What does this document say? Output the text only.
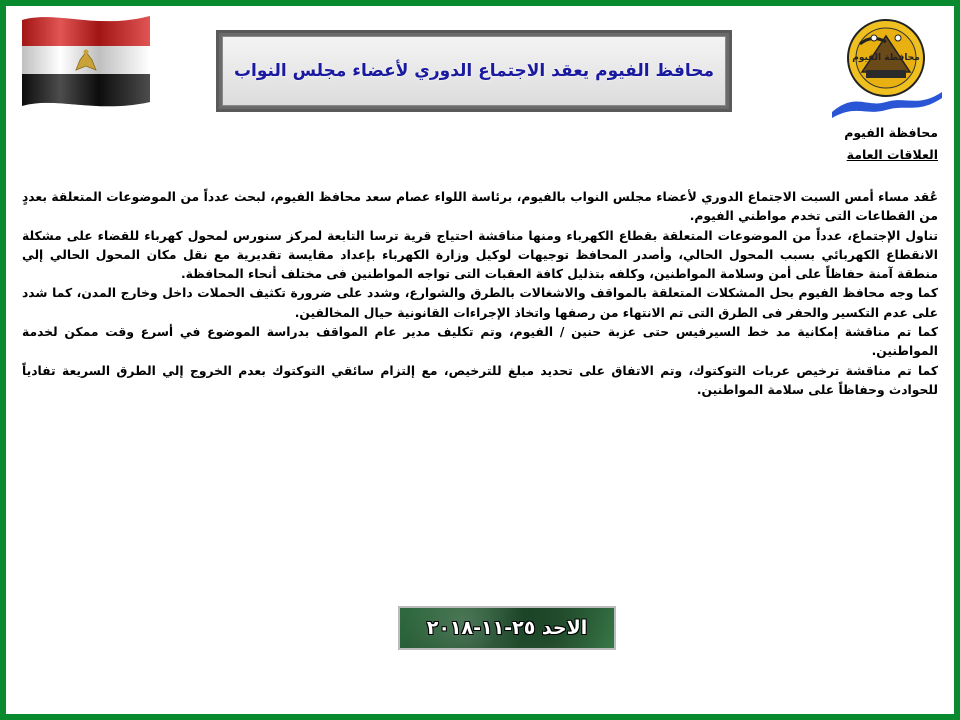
محافظة الفيوم
محافظ الفيوم يعقد الاجتماع الدوري لأعضاء مجلس النواب
محافظة الفيوم
العلاقات العامة

عُقد مساء أمس السبت الاجتماع الدوري لأعضاء مجلس النواب بالفيوم، برئاسة اللواء عصام سعد محافظ الفيوم، لبحث عدداً من الموضوعات المتعلقة بعددٍ من القطاعات التى تخدم مواطني الفيوم.

تناول الإجتماع، عدداً من الموضوعات المتعلقة بقطاع الكهرباء ومنها مناقشة احتياج قرية ترسا التابعة لمركز سنورس لمحول كهرباء للقضاء على مشكلة الانقطاع الكهربائي بسبب المحول الحالي، وأصدر المحافظ توجيهات لوكيل وزارة الكهرباء بإعداد مقايسة تقديرية مع نقل مكان المحول الحالي إلي منطقة آمنة حفاظاً على أمن وسلامة المواطنين، وكلفه بتذليل كافة العقبات التى تواجه المواطنين فى مختلف أنحاء المحافظة.

كما وجه محافظ الفيوم بحل المشكلات المتعلقة بالمواقف والاشغالات بالطرق والشوارع، وشدد على ضرورة تكثيف الحملات داخل وخارج المدن، كما شدد على عدم التكسير والحفر فى الطرق التى تم الانتهاء من رصفها واتخاذ الإجراءات القانونية حيال المخالفين.

كما تم مناقشة إمكانية مد خط السيرفيس حتى عزبة حنين / الفيوم، وتم تكليف مدير عام المواقف بدراسة الموضوع في أسرع وقت ممكن لخدمة المواطنين.

كما تم مناقشة ترخيص عربات التوكتوك، وتم الاتفاق على تحديد مبلغ للترخيص، مع إلتزام سائقي التوكتوك بعدم الخروج إلي الطرق السريعة تفادياً للحوادث وحفاظاً على سلامة المواطنين.

الاحد ٢٥-١١-٢٠١٨
